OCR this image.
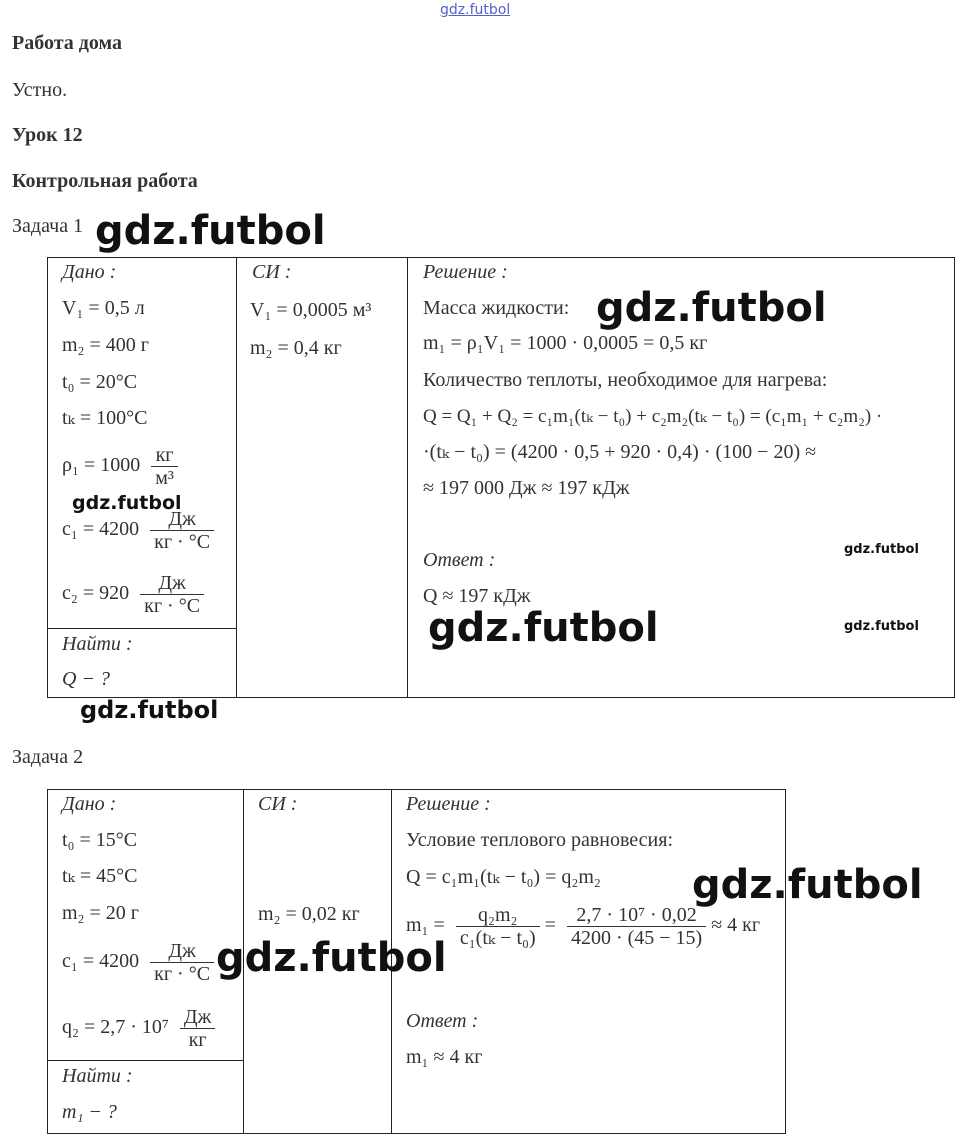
gdz.futbol
Работа дома
Устно.
Урок 12
Контрольная работа
Задача 1
Дано :
V₁ = 0,5 л
m₂ = 400 г
t₀ = 20°C
tₖ = 100°C
$\rho_1 = 1000 \frac{кг}{\text{м³}}$
$c_1 = 4200 \frac{Дж}{кг \cdot ^\circ C}$
$c_2 = 920 \frac{Дж}{кг \cdot ^\circ C}$
Найти :
Q − ?
СИ :
V₁ = 0,0005 м³
m₂ = 0,4 кг
Решение :
Масса жидкости:
m₁ = ρ₁V₁ = 1000 · 0,0005 = 0,5 кг
Количество теплоты, необходимое для нагрева:
Q = Q₁ + Q₂ = c₁m₁(tₖ − t₀) + c₂m₂(tₖ − t₀) = (c₁m₁ + c₂m₂) ·
·(tₖ − t₀) = (4200 · 0,5 + 920 · 0,4) · (100 − 20) ≈
≈ 197 000 Дж ≈ 197 кДж
Ответ :
Q ≈ 197 кДж
Задача 2
Дано :
t₀ = 15°C
tₖ = 45°C
m₂ = 20 г
$c_1 = 4200 \frac{Дж}{кг \cdot ^\circ C}$
$q_2 = 2,7 \cdot 10^7 \frac{Дж}{кг}$
Найти :
m₁ − ?
СИ :
m₂ = 0,02 кг
Решение :
Условие теплового равновесия:
Q = c₁m₁(tₖ − t₀) = q₂m₂
$m_1 = \frac{\text{q₂m₂}}{\text{c₁(tₖ − t₀)}} = \frac{\text{2,7 · 10⁷ · 0,02}}{4200 \cdot (45 - 15)} \approx 4$ кг
Ответ :
m₁ ≈ 4 кг
gdz.futbol
gdz.futbol
gdz.futbol
gdz.futbol
gdz.futbol	gdz.futbol
gdz.futbol
gdz.futbol
gdz.futbol
